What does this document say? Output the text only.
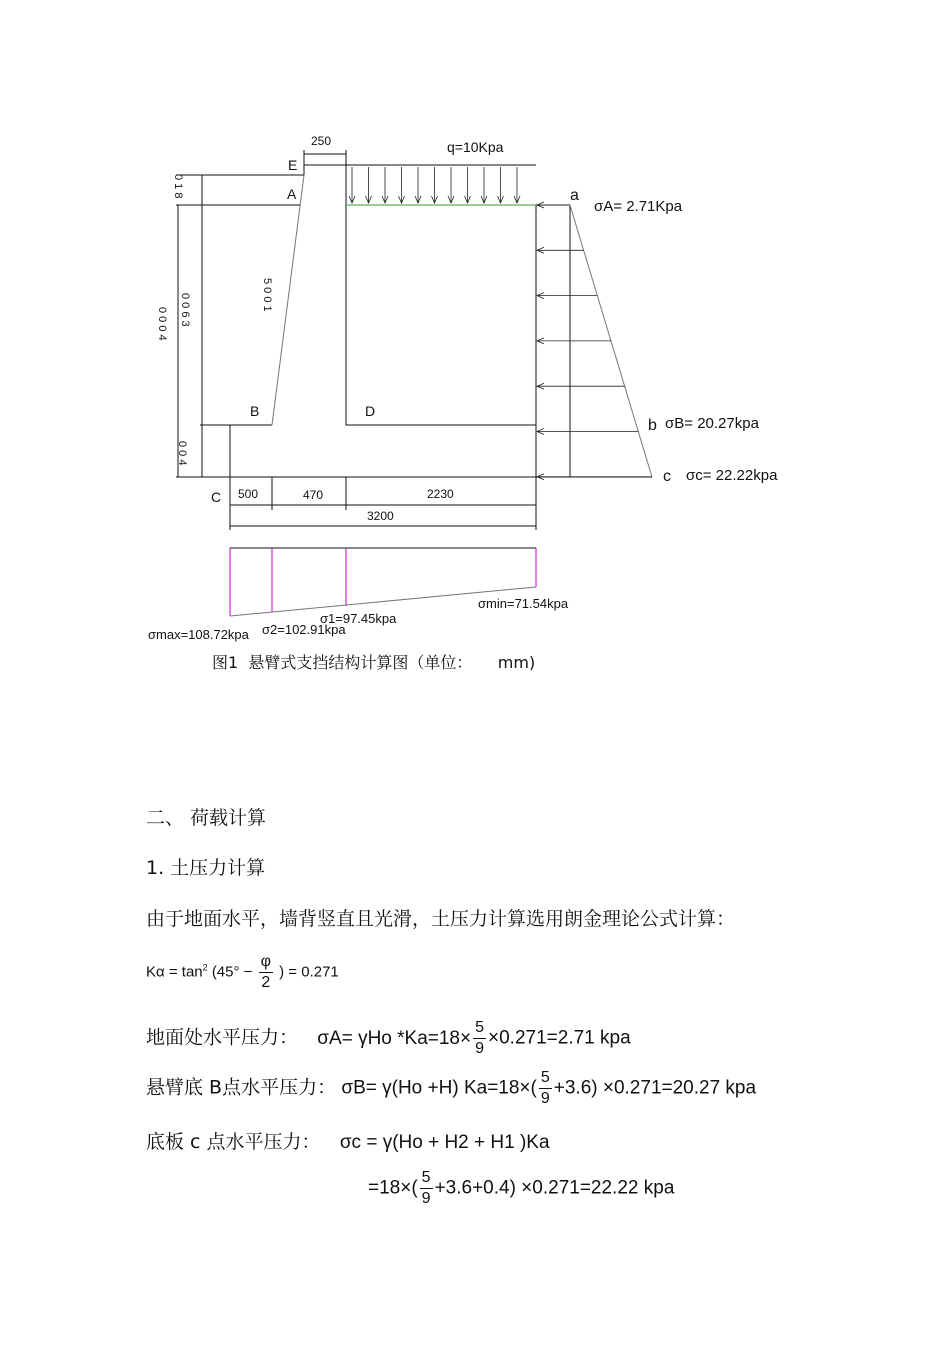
250	q=10Kpa
E
A	a
σA= 2.71Kpa
B	D
b σB= 20.27kpa
c σc= 22.22kpa
C 500	470	2230
3200
0 1 8
0 0 6 3
0 0 0 4
0 0 4
5 0 0 1
σmin=71.54kpa
σ1=97.45kpa
σ2=102.91kpa
σmax=108.72kpa
图1  悬臂式支挡结构计算图（单位：     mm)
二、 荷载计算
1. 土压力计算
由于地面水平，墙背竖直且光滑，土压力计算选用朗金理论公式计算：
$K\alpha = \tan^2 (45^\circ - \frac{\varphi}{2}$ ) = 0.271
地面处水平压力： σA= γHo $*Ka=18\times \frac{5}{9} \times 0.271=2.71$ kpa
悬臂底 B点水平压力： σB= γ(Ho +H) $Ka=18\times( \frac{5}{9} +3.6) \times 0.271=20.27$ kpa
底板 c 点水平压力： σc = γ(Ho + H2 + H1 )Ka
$=18\times( \frac{5}{9} +3.6+0.4) \times 0.271=22.22$ kpa
